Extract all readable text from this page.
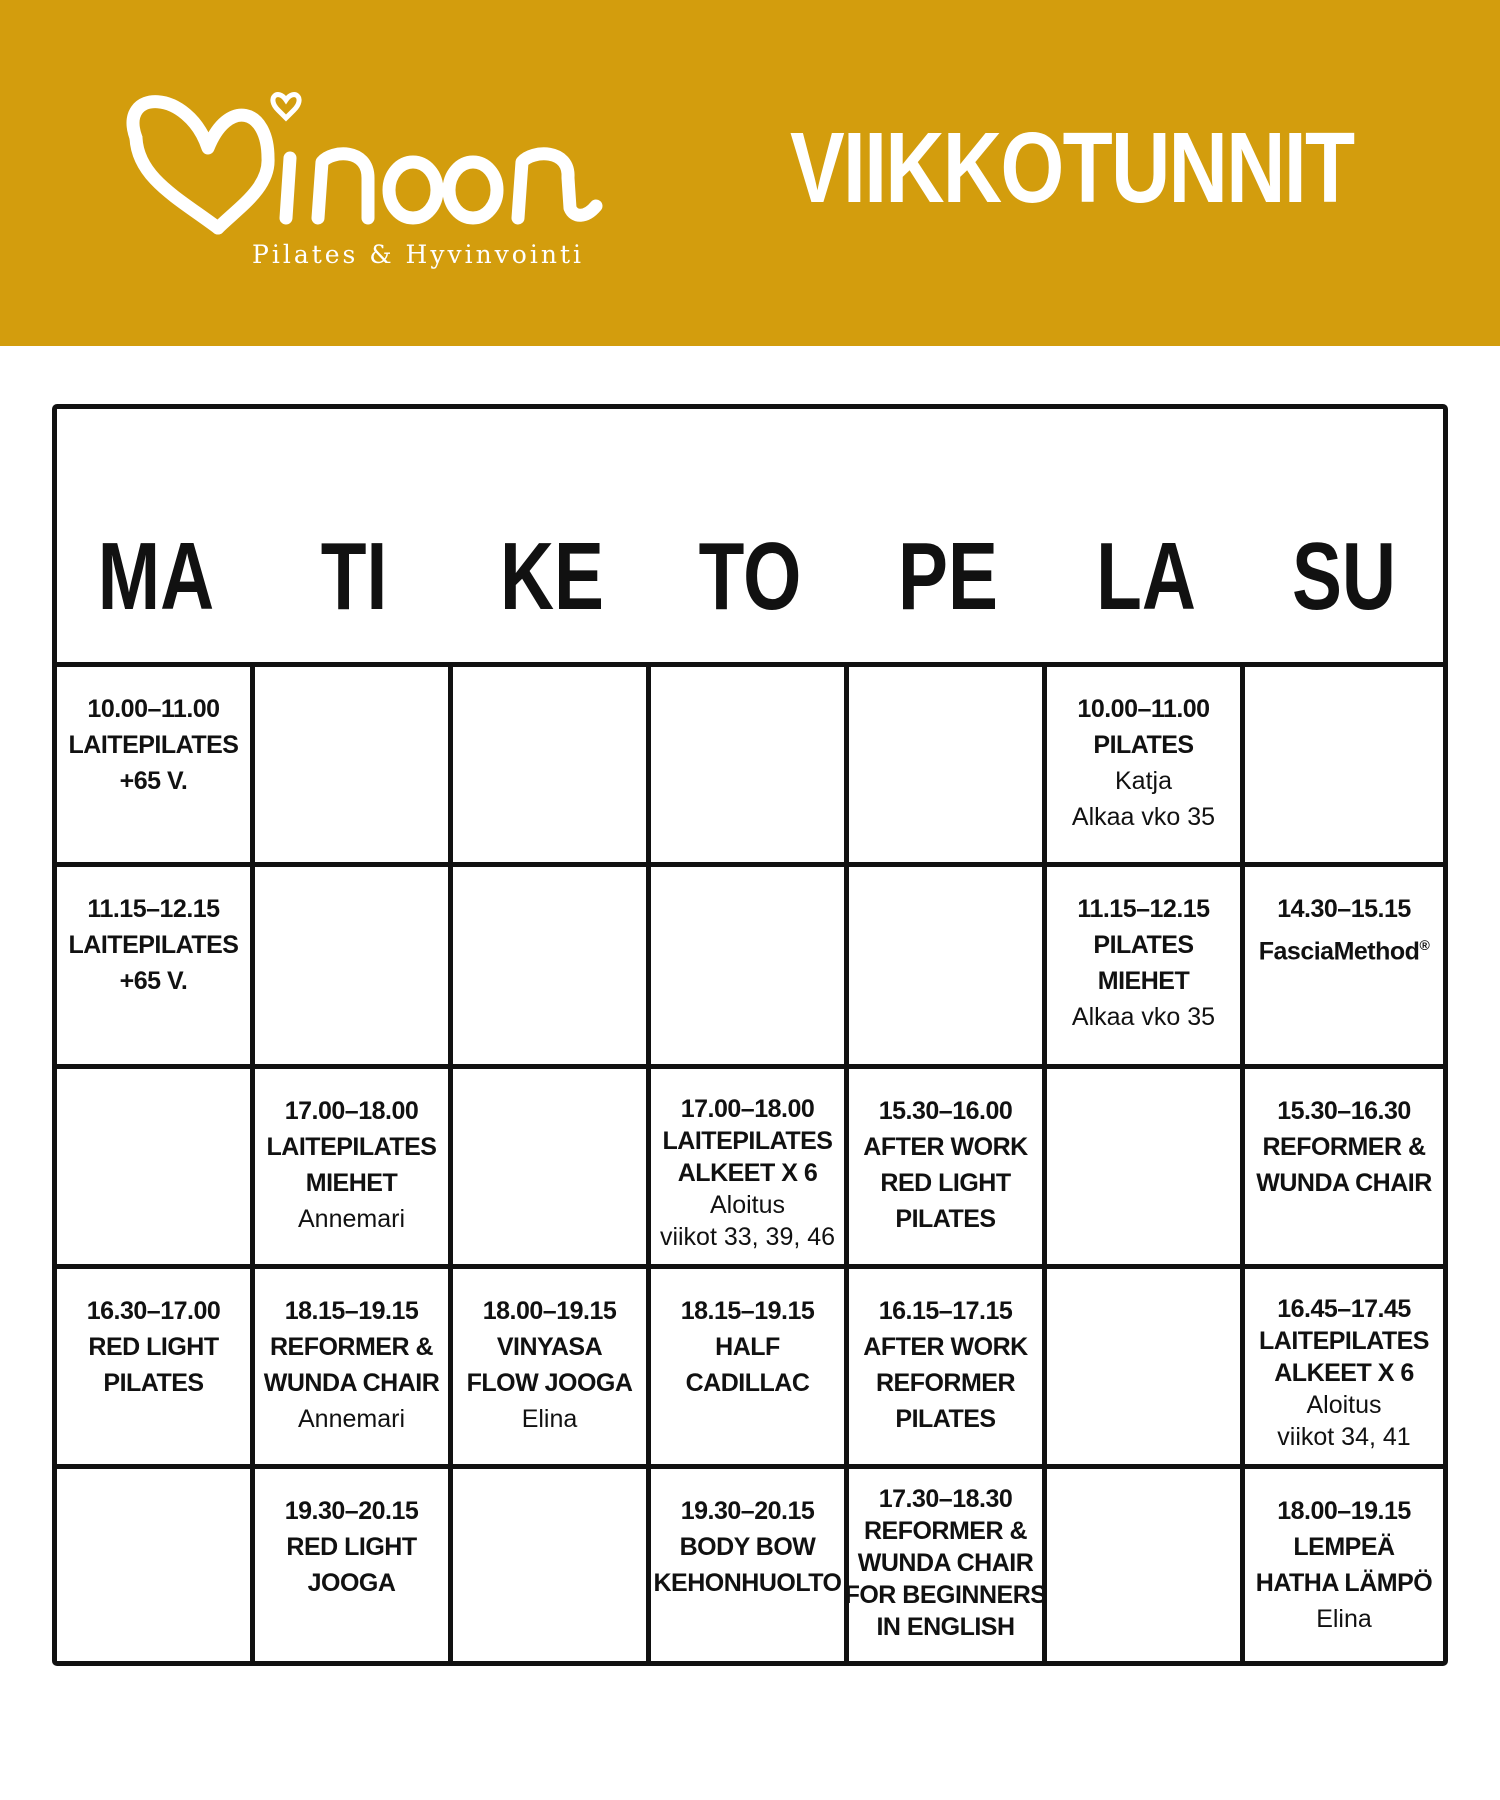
Pilates & Hyvinvointi
VIIKKOTUNNIT
MA	TI	KE TO PE LA SU
10.00–11.00
LAITEPILATES
+65 V.
10.00–11.00
PILATES
Katja
Alkaa vko 35
11.15–12.15
LAITEPILATES
+65 V.
11.15–12.15
PILATES
MIEHET
Alkaa vko 35
14.30–15.15
FasciaMethod®
17.00–18.00
LAITEPILATES
MIEHET
Annemari
17.00–18.00
LAITEPILATES
ALKEET X 6
Aloitus
viikot 33, 39, 46
15.30–16.00
AFTER WORK
RED LIGHT
PILATES
15.30–16.30
REFORMER &
WUNDA CHAIR
16.30–17.00
RED LIGHT
PILATES
18.15–19.15
REFORMER &
WUNDA CHAIR
Annemari
18.00–19.15
VINYASA
FLOW JOOGA
Elina
18.15–19.15
HALF
CADILLAC
16.15–17.15
AFTER WORK
REFORMER
PILATES
16.45–17.45
LAITEPILATES
ALKEET X 6
Aloitus
viikot 34, 41
19.30–20.15
RED LIGHT
JOOGA
19.30–20.15
BODY BOW
KEHONHUOLTO
17.30–18.30
REFORMER &
WUNDA CHAIR
FOR BEGINNERS
IN ENGLISH
18.00–19.15
LEMPEÄ
HATHA LÄMPÖ
Elina
